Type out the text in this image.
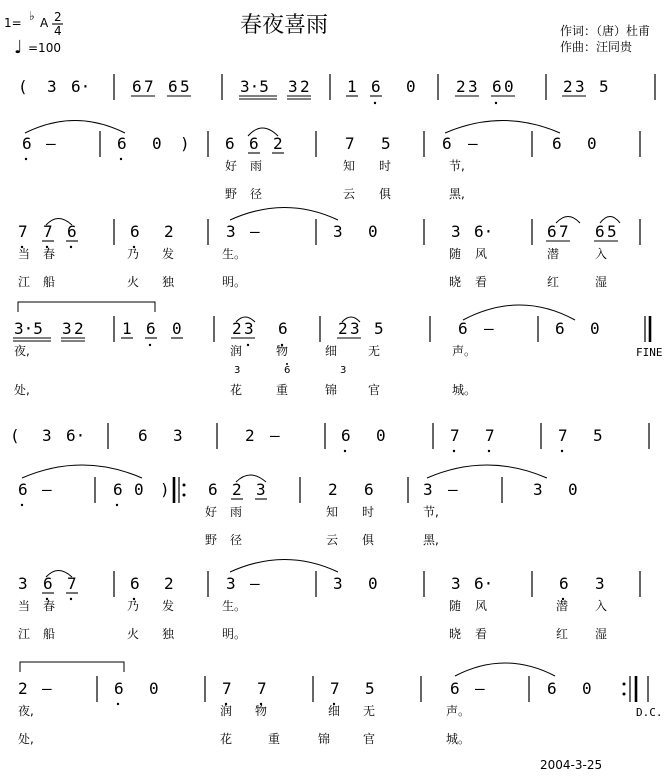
1= ♭ A 2
4
♩ =100
春夜喜雨	作词：（唐）杜甫
作曲：汪同贵
( 3 6·	6 7 6 5	3·5 3 2 1 6 0	2 3 6 0	2 3 5
6 –	6 0 ) 6 6 2	7 5	6 –	6 0
好 雨	知 时	节,
野 径	云 俱	黑,
7 7 6	6 2	3 –	3 0	3 6·	6 7 6 5
当 春	乃 发	生。	随 风	潜	入
江 船	火 独	明。	晓 看	红	湿
3·5 3 2 1 6 0	2 3 6	2 3 5	6 –	6 0
FINE
夜,	润	物	细	无	声。
3	6	3
处,	花	重	锦	官	城。
( 3 6·	6 3	2 –	6 0	7 7	7 5
6 –	6 0 ) 6 2 3	2 6	3 –	3 0
好 雨	知 时	节,
野 径	云 俱	黑,
3 6 7	6 2	3 –	3 0	3 6·	6 3
当 春	乃 发	生。	随 风	潜 入
江 船	火 独	明。	晓 看	红 湿
2 –	6 0	7 7	7 5	6 –	6 0
D.C.
夜,	润 物	细 无	声。
处,	花	重	锦	官	城。
2004-3-25
